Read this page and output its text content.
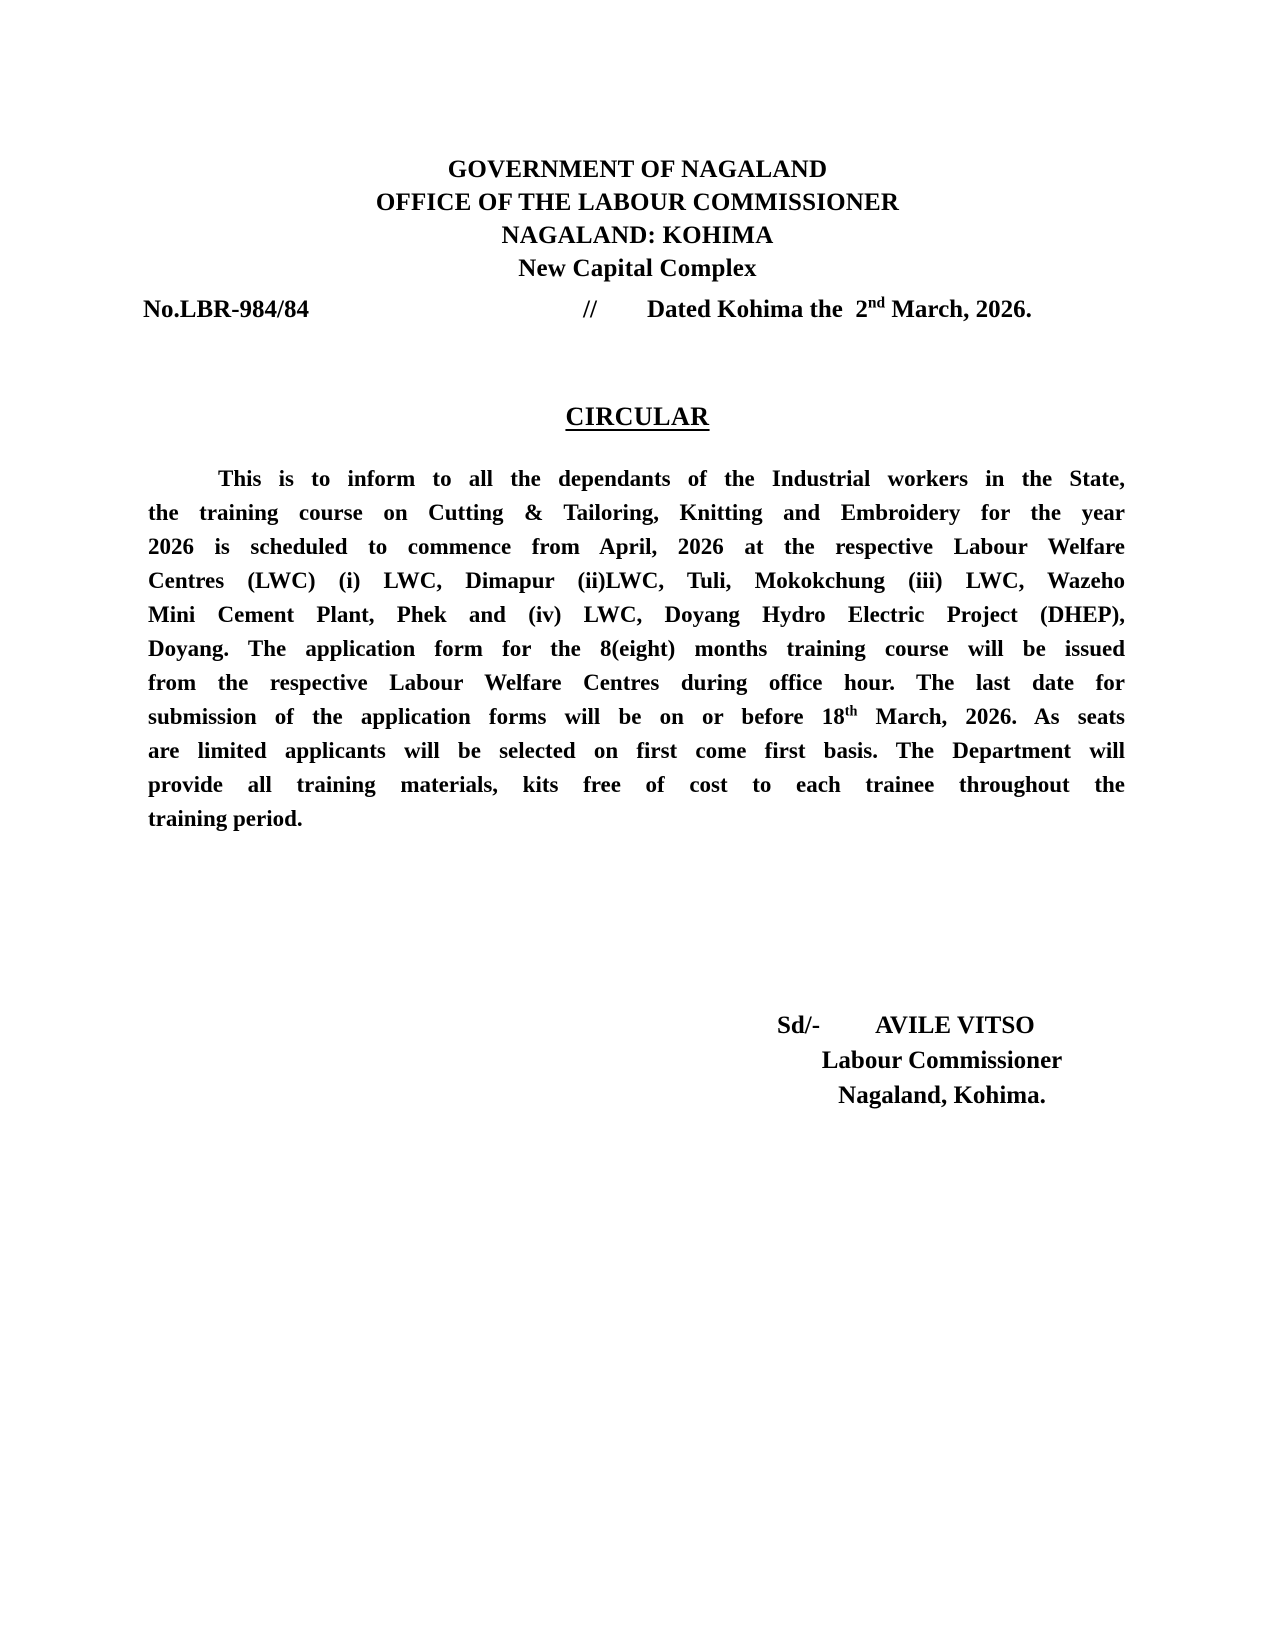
GOVERNMENT OF NAGALAND
OFFICE OF THE LABOUR COMMISSIONER
NAGALAND: KOHIMA
New Capital Complex
No.LBR-984/84	// Dated Kohima the  2nd March, 2026.
CIRCULAR
This is to inform to all the dependants of the Industrial workers in the State,
the training course on Cutting & Tailoring, Knitting and Embroidery for the year
2026 is scheduled to commence from April, 2026 at the respective Labour Welfare
Centres (LWC) (i) LWC, Dimapur (ii)LWC, Tuli, Mokokchung (iii) LWC, Wazeho
Mini Cement Plant, Phek and (iv) LWC, Doyang Hydro Electric Project (DHEP),
Doyang. The application form for the 8(eight) months training course will be issued
from the respective Labour Welfare Centres during office hour. The last date for
submission of the application forms will be on or before 18th March, 2026. As seats
are limited applicants will be selected on first come first basis. The Department will
provide all training materials, kits free of cost to each trainee throughout the
training period.
Sd/- AVILE VITSO
Labour Commissioner
Nagaland, Kohima.
